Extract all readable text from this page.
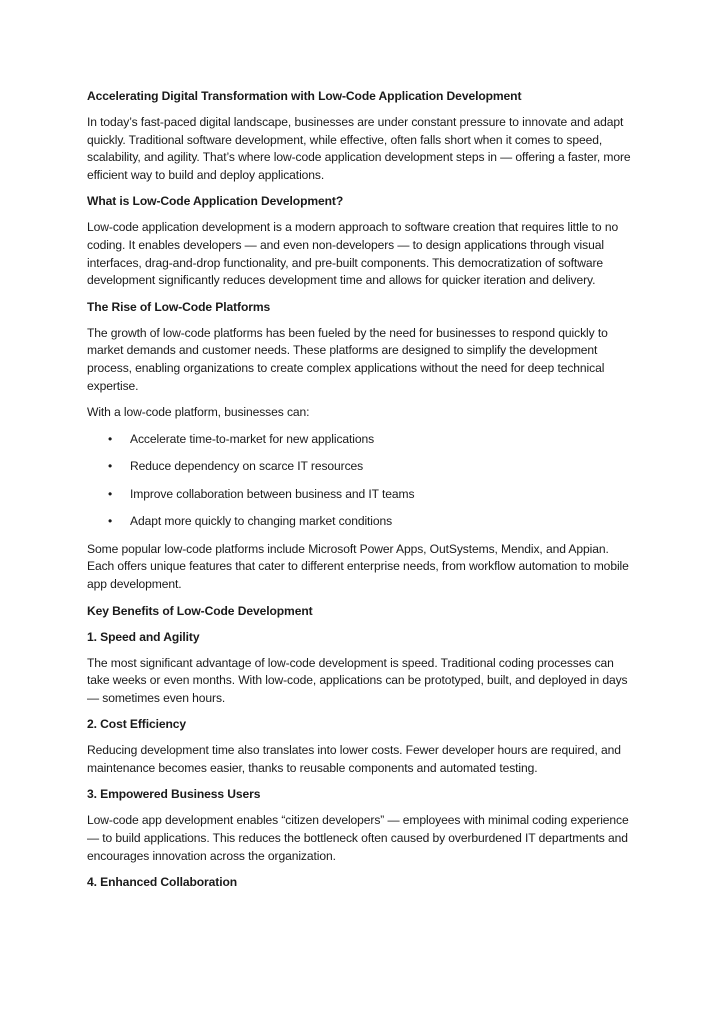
Accelerating Digital Transformation with Low-Code Application Development
In today’s fast-paced digital landscape, businesses are under constant pressure to innovate and adapt quickly. Traditional software development, while effective, often falls short when it comes to speed, scalability, and agility. That’s where low-code application development steps in — offering a faster, more efficient way to build and deploy applications.
What is Low-Code Application Development?
Low-code application development is a modern approach to software creation that requires little to no coding. It enables developers — and even non-developers — to design applications through visual interfaces, drag-and-drop functionality, and pre-built components. This democratization of software development significantly reduces development time and allows for quicker iteration and delivery.
The Rise of Low-Code Platforms
The growth of low-code platforms has been fueled by the need for businesses to respond quickly to market demands and customer needs. These platforms are designed to simplify the development process, enabling organizations to create complex applications without the need for deep technical expertise.
With a low-code platform, businesses can:
• Accelerate time-to-market for new applications
• Reduce dependency on scarce IT resources
• Improve collaboration between business and IT teams
• Adapt more quickly to changing market conditions
Some popular low-code platforms include Microsoft Power Apps, OutSystems, Mendix, and Appian. Each offers unique features that cater to different enterprise needs, from workflow automation to mobile app development.
Key Benefits of Low-Code Development
1. Speed and Agility
The most significant advantage of low-code development is speed. Traditional coding processes can take weeks or even months. With low-code, applications can be prototyped, built, and deployed in days — sometimes even hours.
2. Cost Efficiency
Reducing development time also translates into lower costs. Fewer developer hours are required, and maintenance becomes easier, thanks to reusable components and automated testing.
3. Empowered Business Users
Low-code app development enables “citizen developers” — employees with minimal coding experience — to build applications. This reduces the bottleneck often caused by overburdened IT departments and encourages innovation across the organization.
4. Enhanced Collaboration
